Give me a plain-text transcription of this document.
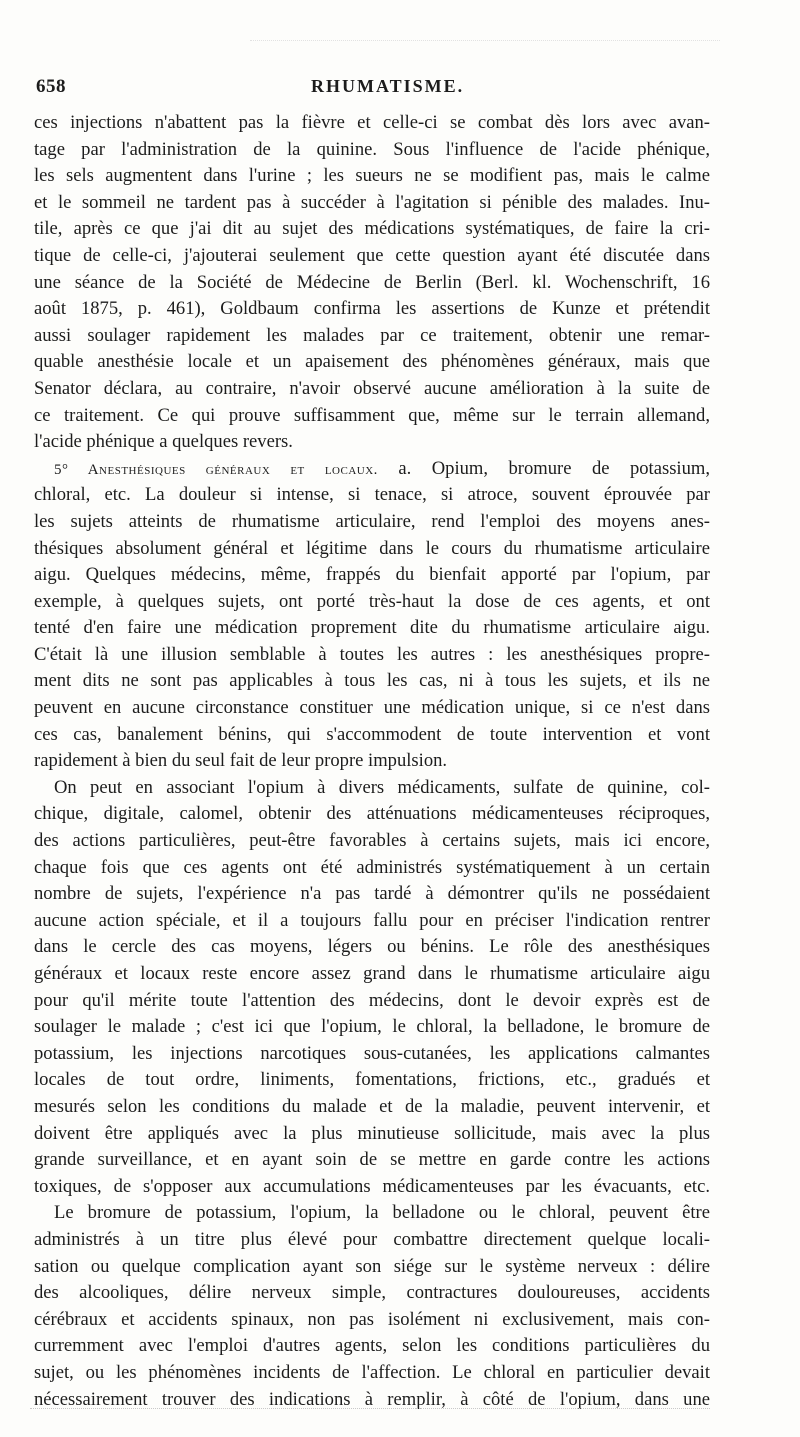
658	RHUMATISME.
ces injections n'abattent pas la fièvre et celle-ci se combat dès lors avec avan-
tage par l'administration de la quinine. Sous l'influence de l'acide phénique,
les sels augmentent dans l'urine ; les sueurs ne se modifient pas, mais le calme
et le sommeil ne tardent pas à succéder à l'agitation si pénible des malades. Inu-
tile, après ce que j'ai dit au sujet des médications systématiques, de faire la cri-
tique de celle-ci, j'ajouterai seulement que cette question ayant été discutée dans
une séance de la Société de Médecine de Berlin (Berl. kl. Wochenschrift, 16
août 1875, p. 461), Goldbaum confirma les assertions de Kunze et prétendit
aussi soulager rapidement les malades par ce traitement, obtenir une remar-
quable anesthésie locale et un apaisement des phénomènes généraux, mais que
Senator déclara, au contraire, n'avoir observé aucune amélioration à la suite de
ce traitement. Ce qui prouve suffisamment que, même sur le terrain allemand,
l'acide phénique a quelques revers.
5° Anesthésiques généraux et locaux. a. Opium, bromure de potassium,
chloral, etc. La douleur si intense, si tenace, si atroce, souvent éprouvée par
les sujets atteints de rhumatisme articulaire, rend l'emploi des moyens anes-
thésiques absolument général et légitime dans le cours du rhumatisme articulaire
aigu. Quelques médecins, même, frappés du bienfait apporté par l'opium, par
exemple, à quelques sujets, ont porté très-haut la dose de ces agents, et ont
tenté d'en faire une médication proprement dite du rhumatisme articulaire aigu.
C'était là une illusion semblable à toutes les autres : les anesthésiques propre-
ment dits ne sont pas applicables à tous les cas, ni à tous les sujets, et ils ne
peuvent en aucune circonstance constituer une médication unique, si ce n'est dans
ces cas, banalement bénins, qui s'accommodent de toute intervention et vont
rapidement à bien du seul fait de leur propre impulsion.
On peut en associant l'opium à divers médicaments, sulfate de quinine, col-
chique, digitale, calomel, obtenir des atténuations médicamenteuses réciproques,
des actions particulières, peut-être favorables à certains sujets, mais ici encore,
chaque fois que ces agents ont été administrés systématiquement à un certain
nombre de sujets, l'expérience n'a pas tardé à démontrer qu'ils ne possédaient
aucune action spéciale, et il a toujours fallu pour en préciser l'indication rentrer
dans le cercle des cas moyens, légers ou bénins. Le rôle des anesthésiques
généraux et locaux reste encore assez grand dans le rhumatisme articulaire aigu
pour qu'il mérite toute l'attention des médecins, dont le devoir exprès est de
soulager le malade ; c'est ici que l'opium, le chloral, la belladone, le bromure de
potassium, les injections narcotiques sous-cutanées, les applications calmantes
locales de tout ordre, liniments, fomentations, frictions, etc., gradués et
mesurés selon les conditions du malade et de la maladie, peuvent intervenir, et
doivent être appliqués avec la plus minutieuse sollicitude, mais avec la plus
grande surveillance, et en ayant soin de se mettre en garde contre les actions
toxiques, de s'opposer aux accumulations médicamenteuses par les évacuants, etc.
Le bromure de potassium, l'opium, la belladone ou le chloral, peuvent être
administrés à un titre plus élevé pour combattre directement quelque locali-
sation ou quelque complication ayant son siége sur le système nerveux : délire
des alcooliques, délire nerveux simple, contractures douloureuses, accidents
cérébraux et accidents spinaux, non pas isolément ni exclusivement, mais con-
curremment avec l'emploi d'autres agents, selon les conditions particulières du
sujet, ou les phénomènes incidents de l'affection. Le chloral en particulier devait
nécessairement trouver des indications à remplir, à côté de l'opium, dans une
